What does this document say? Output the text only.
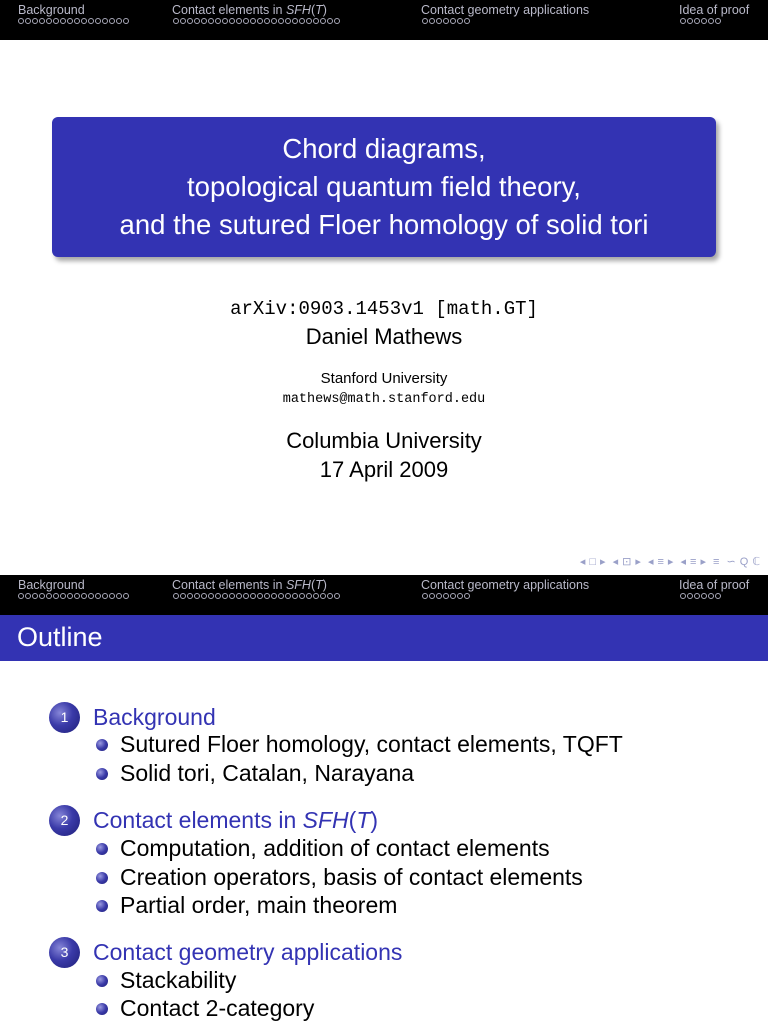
Background	Contact elements in SFH(T)	Contact geometry applications	Idea of proof
Chord diagrams,
topological quantum field theory,
and the sutured Floer homology of solid tori
arXiv:0903.1453v1 [math.GT]
Daniel Mathews
Stanford University
mathews@math.stanford.edu
Columbia University
17 April 2009
◂ □ ▸ ◂ ⊡ ▸ ◂ ≡ ▸ ◂ ≡ ▸ ≡ ∽ Q ℂ
Background	Contact elements in SFH(T)	Contact geometry applications	Idea of proof
Outline
1	Background
Sutured Floer homology, contact elements, TQFT
Solid tori, Catalan, Narayana
2	Contact elements in SFH(T)
Computation, addition of contact elements
Creation operators, basis of contact elements
Partial order, main theorem
3	Contact geometry applications
Stackability
Contact 2-category
